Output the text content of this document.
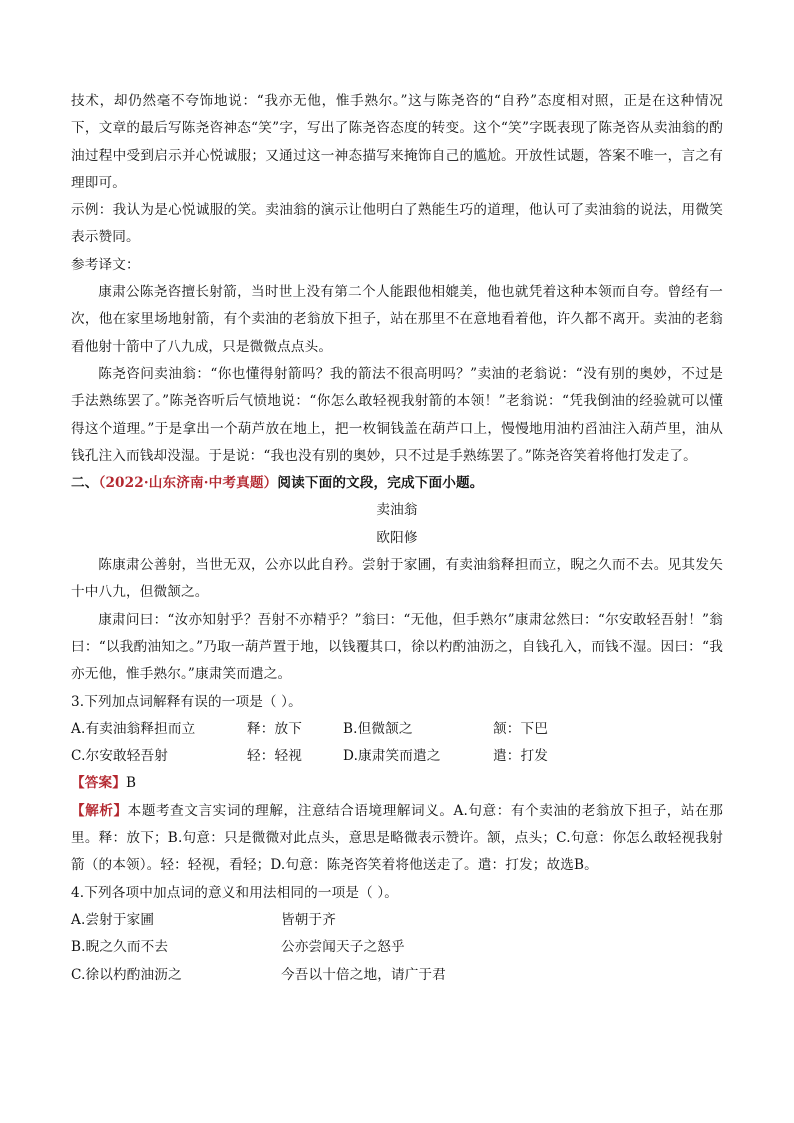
技术，却仍然毫不夸饰地说：“我亦无他，惟手熟尔。”这与陈尧咨的“自矜”态度相对照，正是在这种情况下，文章的最后写陈尧咨神态“笑”字，写出了陈尧咨态度的转变。这个“笑”字既表现了陈尧咨从卖油翁的酌油过程中受到启示并心悦诚服；又通过这一神态描写来掩饰自己的尴尬。开放性试题，答案不唯一，言之有理即可。

示例：我认为是心悦诚服的笑。卖油翁的演示让他明白了熟能生巧的道理，他认可了卖油翁的说法，用微笑表示赞同。

参考译文：

康肃公陈尧咨擅长射箭，当时世上没有第二个人能跟他相媲美，他也就凭着这种本领而自夸。曾经有一次，他在家里场地射箭，有个卖油的老翁放下担子，站在那里不在意地看着他，许久都不离开。卖油的老翁看他射十箭中了八九成，只是微微点点头。

陈尧咨问卖油翁：“你也懂得射箭吗？我的箭法不很高明吗？”卖油的老翁说：“没有别的奥妙，不过是手法熟练罢了。”陈尧咨听后气愤地说：“你怎么敢轻视我射箭的本领！”老翁说：“凭我倒油的经验就可以懂得这个道理。”于是拿出一个葫芦放在地上，把一枚铜钱盖在葫芦口上，慢慢地用油杓舀油注入葫芦里，油从钱孔注入而钱却没湿。于是说：“我也没有别的奥妙，只不过是手熟练罢了。”陈尧咨笑着将他打发走了。

二、（2022·山东济南·中考真题）阅读下面的文段，完成下面小题。

卖油翁

欧阳修

陈康肃公善射，当世无双，公亦以此自矜。尝射于家圃，有卖油翁释担而立，睨之久而不去。见其发矢十中八九，但微颔之。

康肃问曰：“汝亦知射乎？吾射不亦精乎？”翁曰：“无他，但手熟尔”康肃忿然曰：“尔安敢轻吾射！”翁曰：“以我酌油知之。”乃取一葫芦置于地，以钱覆其口，徐以杓酌油沥之，自钱孔入，而钱不湿。因曰：“我亦无他，惟手熟尔。”康肃笑而遣之。

3.下列加点词解释有误的一项是（ ）。

A.有卖油翁释担而立	释：放下	B.但微颔之	颔：下巴
C.尔安敢轻吾射	轻：轻视	D.康肃笑而遣之	遣：打发

【答案】B

【解析】本题考查文言实词的理解，注意结合语境理解词义。A.句意：有个卖油的老翁放下担子，站在那里。释：放下；B.句意：只是微微对此点头，意思是略微表示赞许。颔，点头；C.句意：你怎么敢轻视我射箭（的本领）。轻：轻视，看轻；D.句意：陈尧咨笑着将他送走了。遣：打发；故选B。

4.下列各项中加点词的意义和用法相同的一项是（ ）。

A.尝射于家圃	皆朝于齐
B.睨之久而不去	公亦尝闻天子之怒乎
C.徐以杓酌油沥之	今吾以十倍之地，请广于君
